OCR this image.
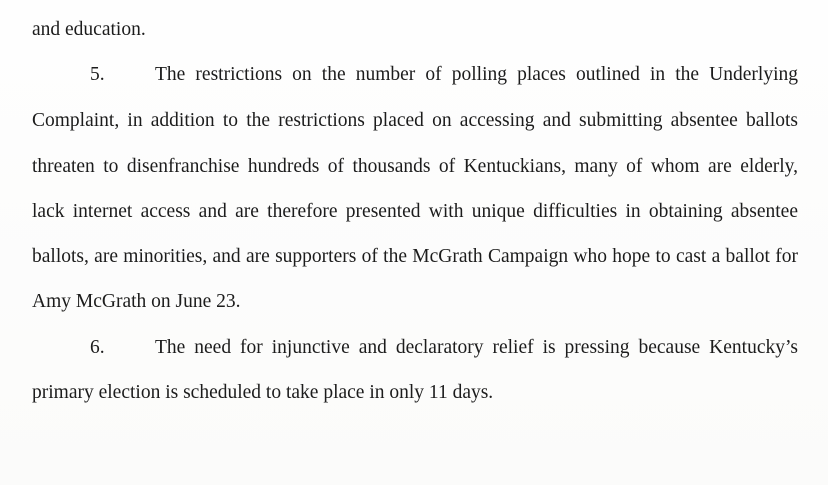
and education.
5.	The restrictions on the number of polling places outlined in the Underlying
Complaint, in addition to the restrictions placed on accessing and submitting absentee ballots
threaten to disenfranchise hundreds of thousands of Kentuckians, many of whom are elderly,
lack internet access and are therefore presented with unique difficulties in obtaining absentee
ballots, are minorities, and are supporters of the McGrath Campaign who hope to cast a ballot for
Amy McGrath on June 23.
6.	The need for injunctive and declaratory relief is pressing because Kentucky’s
primary election is scheduled to take place in only 11 days.
